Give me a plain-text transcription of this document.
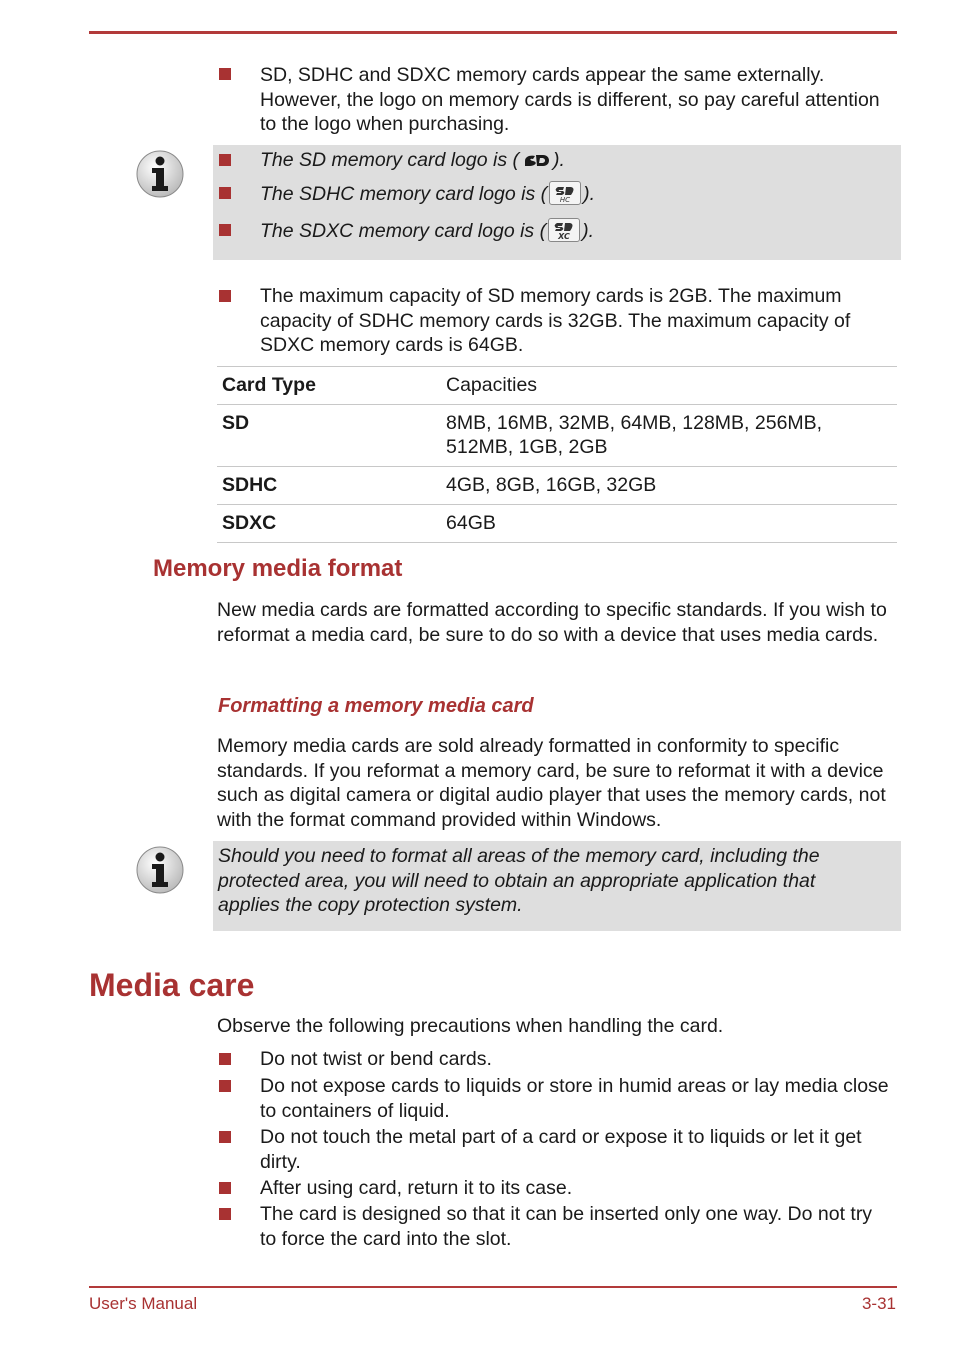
SD, SDHC and SDXC memory cards appear the same externally. However, the logo on memory cards is different, so pay careful attention to the logo when purchasing.
The SD memory card logo is ( ).
The SDHC memory card logo is ( HC ).
The SDXC memory card logo is ( XC ).
The maximum capacity of SD memory cards is 2GB. The maximum capacity of SDHC memory cards is 32GB. The maximum capacity of SDXC memory cards is 64GB.
Card Type	Capacities
SD	8MB, 16MB, 32MB, 64MB, 128MB, 256MB, 512MB, 1GB, 2GB
SDHC	4GB, 8GB, 16GB, 32GB
SDXC	64GB
Memory media format
New media cards are formatted according to specific standards. If you wish to reformat a media card, be sure to do so with a device that uses media cards.
Formatting a memory media card
Memory media cards are sold already formatted in conformity to specific standards. If you reformat a memory card, be sure to reformat it with a device such as digital camera or digital audio player that uses the memory cards, not with the format command provided within Windows.
Should you need to format all areas of the memory card, including the protected area, you will need to obtain an appropriate application that applies the copy protection system.
Media care
Observe the following precautions when handling the card.
Do not twist or bend cards.
Do not expose cards to liquids or store in humid areas or lay media close to containers of liquid.
Do not touch the metal part of a card or expose it to liquids or let it get dirty.
After using card, return it to its case.
The card is designed so that it can be inserted only one way. Do not try to force the card into the slot.
User's Manual	3-31
